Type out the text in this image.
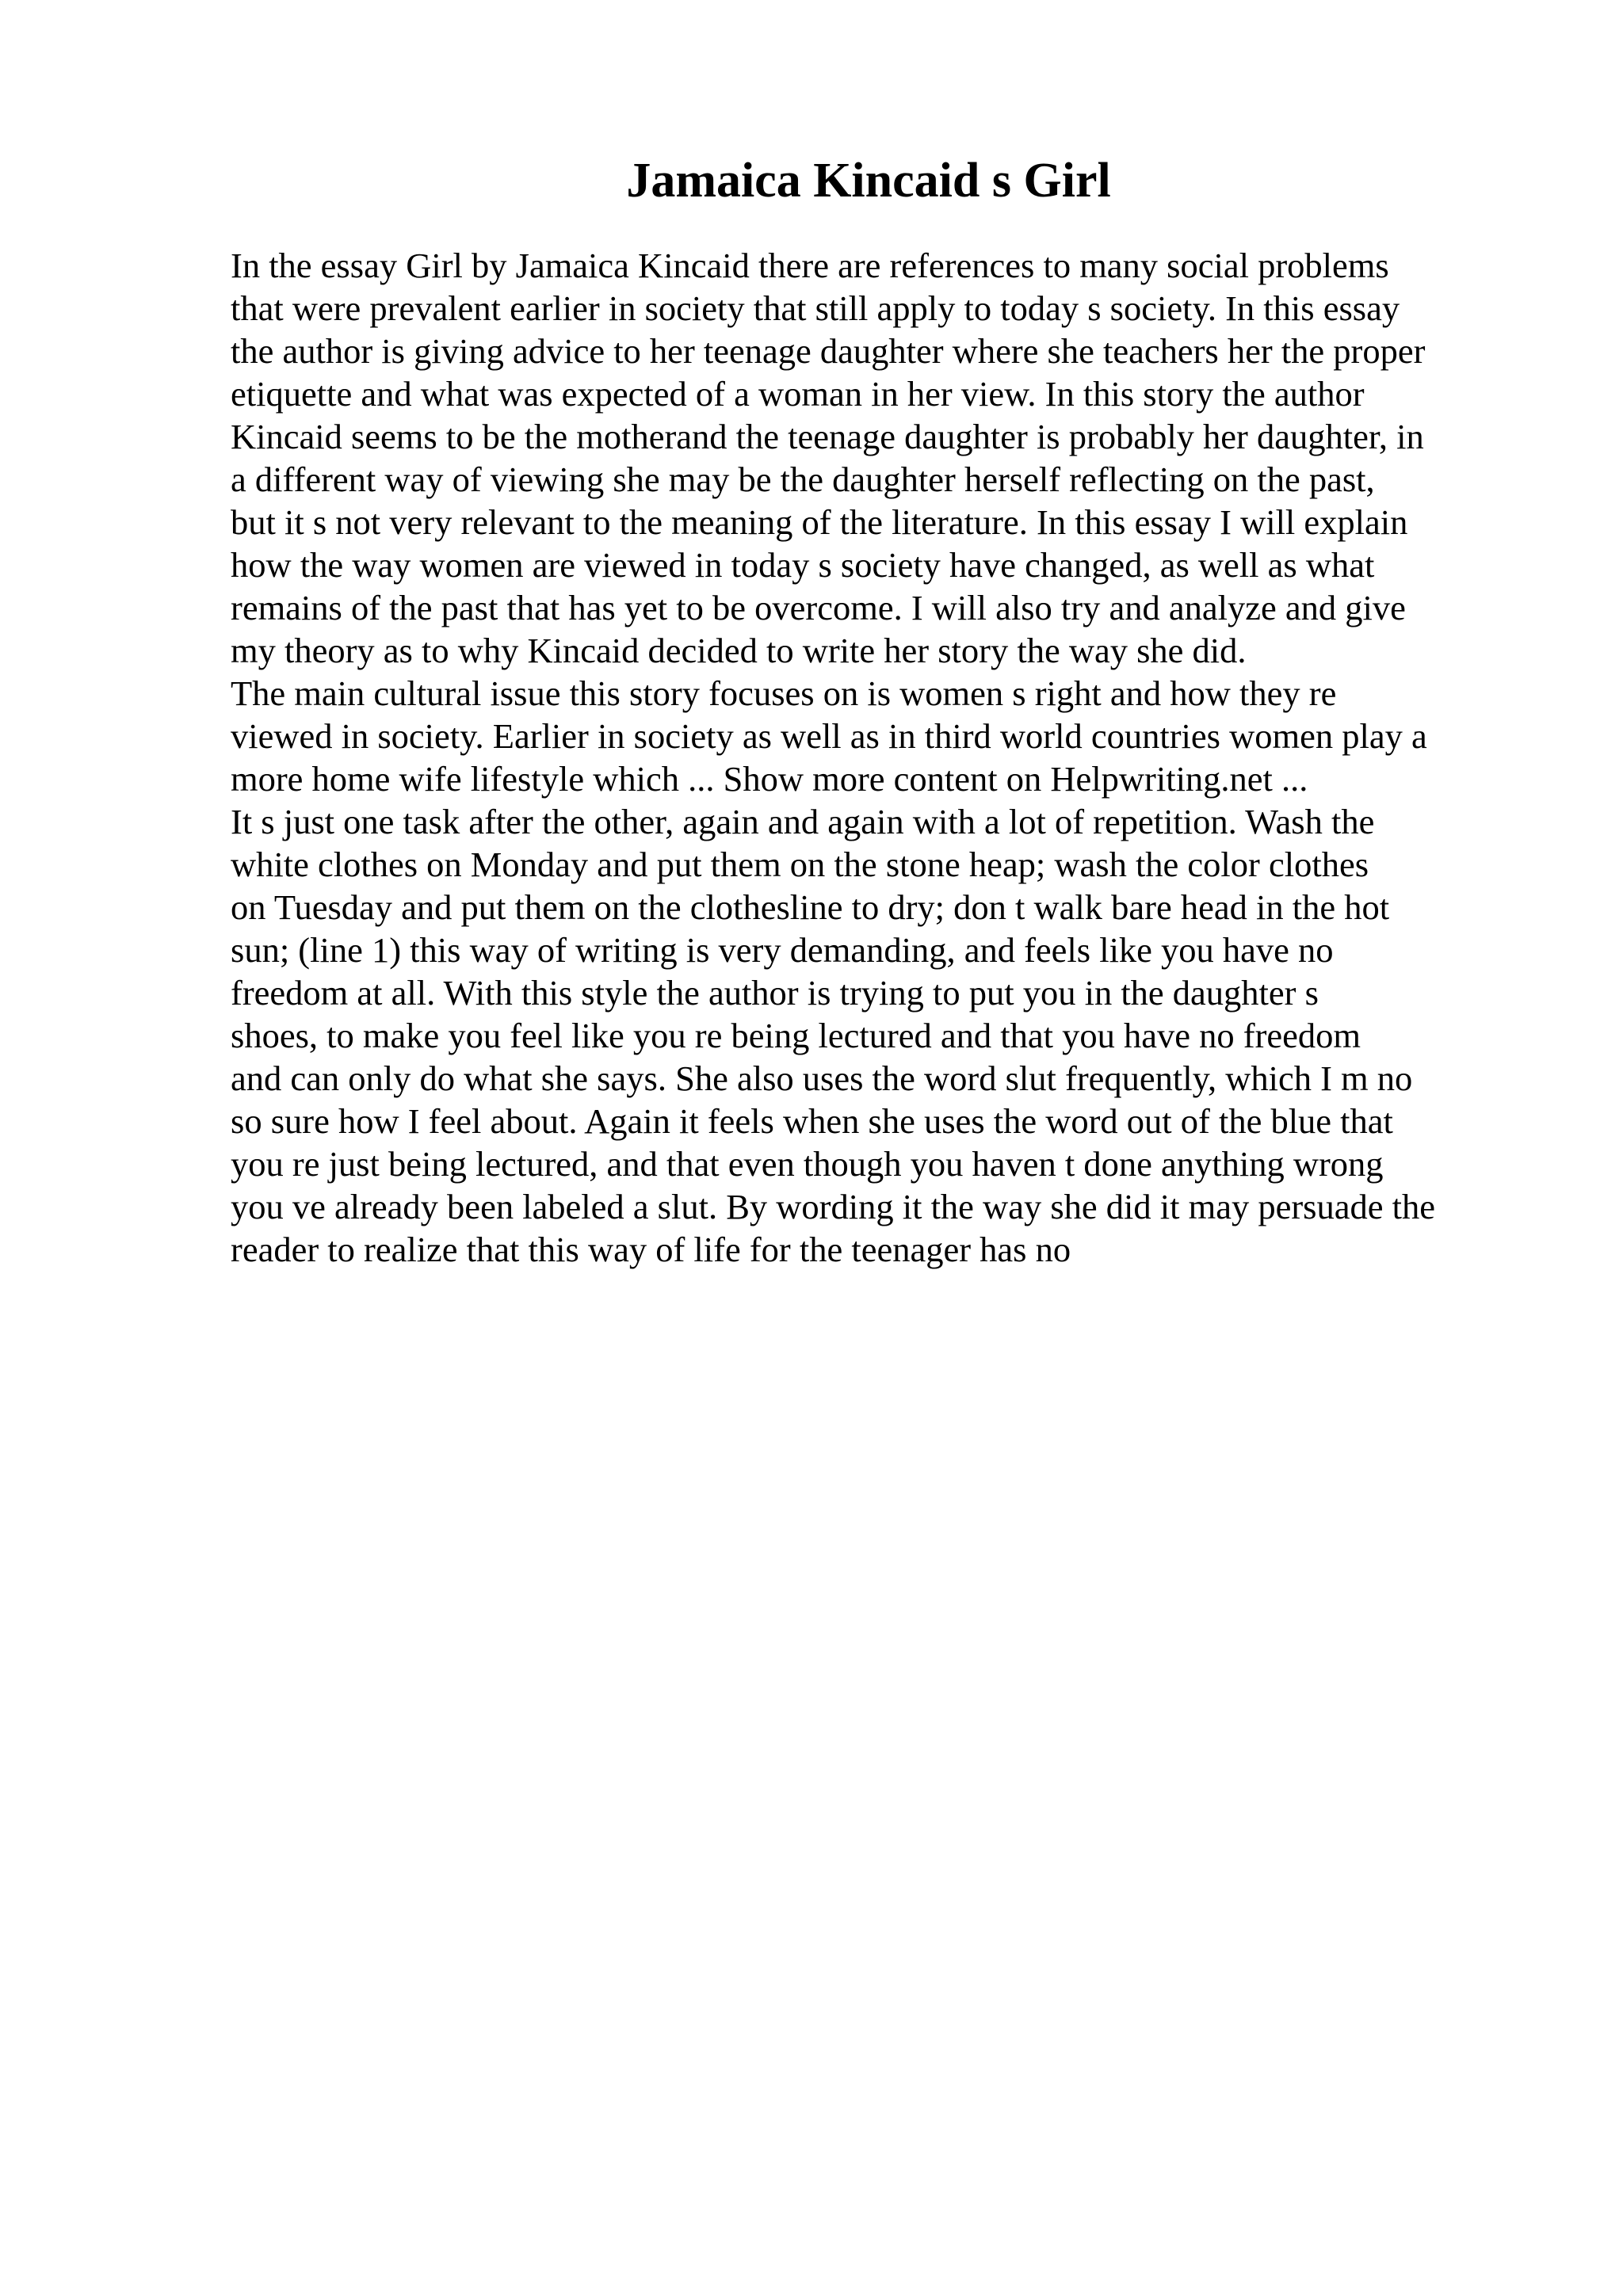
Jamaica Kincaid s Girl
In the essay Girl by Jamaica Kincaid there are references to many social problems
that were prevalent earlier in society that still apply to today s society. In this essay
the author is giving advice to her teenage daughter where she teachers her the proper
etiquette and what was expected of a woman in her view. In this story the author
Kincaid seems to be the motherand the teenage daughter is probably her daughter, in
a different way of viewing she may be the daughter herself reflecting on the past,
but it s not very relevant to the meaning of the literature. In this essay I will explain
how the way women are viewed in today s society have changed, as well as what
remains of the past that has yet to be overcome. I will also try and analyze and give
my theory as to why Kincaid decided to write her story the way she did.
The main cultural issue this story focuses on is women s right and how they re
viewed in society. Earlier in society as well as in third world countries women play a
more home wife lifestyle which ... Show more content on Helpwriting.net ...
It s just one task after the other, again and again with a lot of repetition. Wash the
white clothes on Monday and put them on the stone heap; wash the color clothes
on Tuesday and put them on the clothesline to dry; don t walk bare head in the hot
sun; (line 1) this way of writing is very demanding, and feels like you have no
freedom at all. With this style the author is trying to put you in the daughter s
shoes, to make you feel like you re being lectured and that you have no freedom
and can only do what she says. She also uses the word slut frequently, which I m no
so sure how I feel about. Again it feels when she uses the word out of the blue that
you re just being lectured, and that even though you haven t done anything wrong
you ve already been labeled a slut. By wording it the way she did it may persuade the
reader to realize that this way of life for the teenager has no
